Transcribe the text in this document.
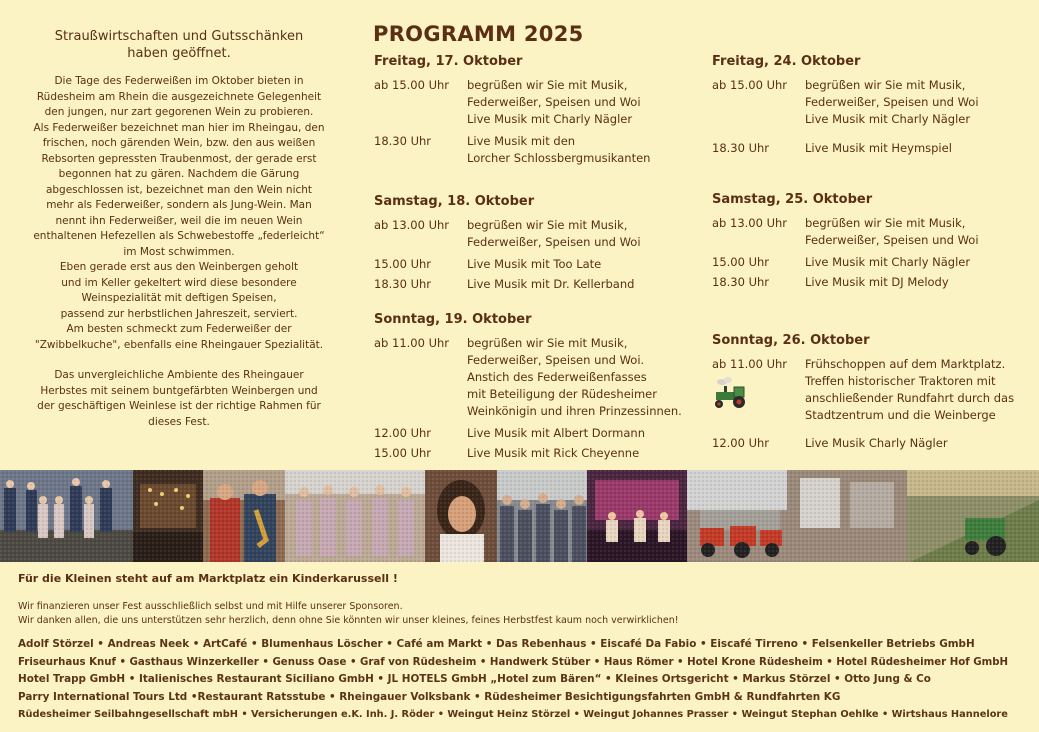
Straußwirtschaften und Gutsschänken
haben geöffnet.

Die Tage des Federweißen im Oktober bieten in
Rüdesheim am Rhein die ausgezeichnete Gelegenheit
den jungen, nur zart gegorenen Wein zu probieren.
Als Federweißer bezeichnet man hier im Rheingau, den
frischen, noch gärenden Wein, bzw. den aus weißen
Rebsorten gepressten Traubenmost, der gerade erst
begonnen hat zu gären. Nachdem die Gärung
abgeschlossen ist, bezeichnet man den Wein nicht
mehr als Federweißer, sondern als Jung-Wein. Man
nennt ihn Federweißer, weil die im neuen Wein
enthaltenen Hefezellen als Schwebestoffe „federleicht“
im Most schwimmen.
Eben gerade erst aus den Weinbergen geholt
und im Keller gekeltert wird diese besondere
Weinspezialität mit deftigen Speisen,
passend zur herbstlichen Jahreszeit, serviert.
Am besten schmeckt zum Federweißer der
"Zwibbelkuche", ebenfalls eine Rheingauer Spezialität.

Das unvergleichliche Ambiente des Rheingauer
Herbstes mit seinem buntgefärbten Weinbergen und
der geschäftigen Weinlese ist der richtige Rahmen für
dieses Fest.

PROGRAMM 2025
Freitag, 17. Oktober
ab 15.00 Uhr	begrüßen wir Sie mit Musik,
Federweißer, Speisen und Woi
Live Musik mit Charly Nägler
18.30 Uhr	Live Musik mit den
Lorcher Schlossbergmusikanten
Samstag, 18. Oktober
ab 13.00 Uhr	begrüßen wir Sie mit Musik,
Federweißer, Speisen und Woi
15.00 Uhr	Live Musik mit Too Late
18.30 Uhr	Live Musik mit Dr. Kellerband
Sonntag, 19. Oktober
ab 11.00 Uhr	begrüßen wir Sie mit Musik,
Federweißer, Speisen und Woi.
Anstich des Federweißenfasses
mit Beteiligung der Rüdesheimer
Weinkönigin und ihren Prinzessinnen.
12.00 Uhr	Live Musik mit Albert Dormann
15.00 Uhr	Live Musik mit Rick Cheyenne
Freitag, 24. Oktober
ab 15.00 Uhr	begrüßen wir Sie mit Musik,
Federweißer, Speisen und Woi
Live Musik mit Charly Nägler
18.30 Uhr	Live Musik mit Heymspiel
Samstag, 25. Oktober
ab 13.00 Uhr	begrüßen wir Sie mit Musik,
Federweißer, Speisen und Woi
15.00 Uhr	Live Musik mit Charly Nägler
18.30 Uhr	Live Musik mit DJ Melody
Sonntag, 26. Oktober
ab 11.00 Uhr	Frühschoppen auf dem Marktplatz.
Treffen historischer Traktoren mit
anschließender Rundfahrt durch das
Stadtzentrum und die Weinberge
12.00 Uhr	Live Musik Charly Nägler
Für die Kleinen steht auf am Marktplatz ein Kinderkarussell !
Wir finanzieren unser Fest ausschließlich selbst und mit Hilfe unserer Sponsoren.
Wir danken allen, die uns unterstützen sehr herzlich, denn ohne Sie könnten wir unser kleines, feines Herbstfest kaum noch verwirklichen!
Adolf Störzel • Andreas Neek • ArtCafé • Blumenhaus Löscher • Café am Markt • Das Rebenhaus • Eiscafé Da Fabio • Eiscafé Tirreno • Felsenkeller Betriebs GmbH
Friseurhaus Knuf • Gasthaus Winzerkeller • Genuss Oase • Graf von Rüdesheim • Handwerk Stüber • Haus Römer • Hotel Krone Rüdesheim • Hotel Rüdesheimer Hof GmbH
Hotel Trapp GmbH • Italienisches Restaurant Siciliano GmbH • JL HOTELS GmbH „Hotel zum Bären“ • Kleines Ortsgericht • Markus Störzel • Otto Jung & Co
Parry International Tours Ltd •Restaurant Ratsstube • Rheingauer Volksbank • Rüdesheimer Besichtigungsfahrten GmbH & Rundfahrten KG
Rüdesheimer Seilbahngesellschaft mbH • Versicherungen e.K. Inh. J. Röder • Weingut Heinz Störzel • Weingut Johannes Prasser • Weingut Stephan Oehlke • Wirtshaus Hannelore
